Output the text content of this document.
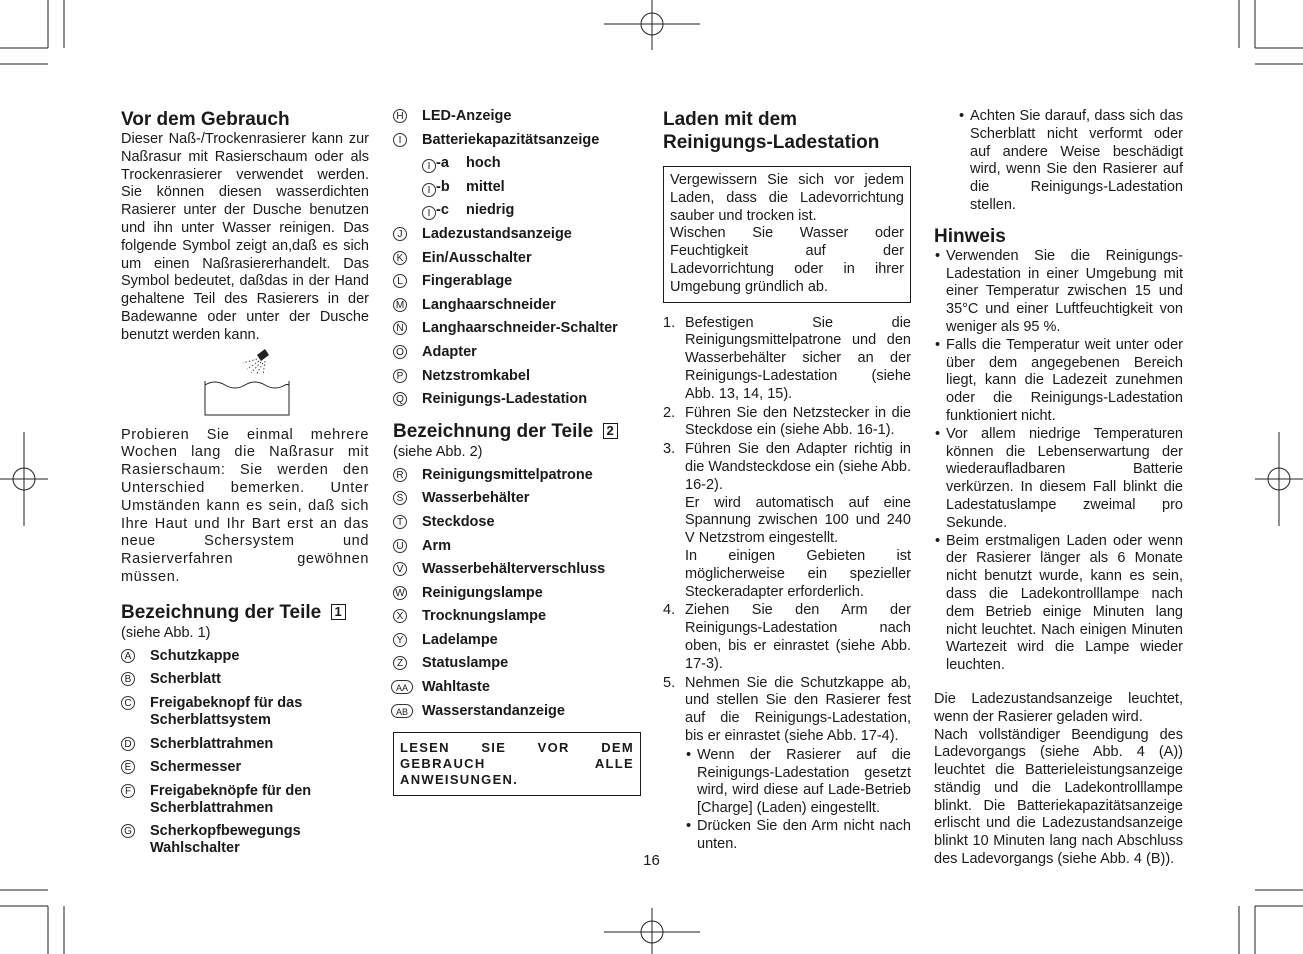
Vor dem Gebrauch

Dieser Naß-/Trockenrasierer kann zur Naßrasur mit Rasierschaum oder als Trockenrasierer verwendet werden. Sie können diesen wasserdichten Rasierer unter der Dusche benutzen und ihn unter Wasser reinigen. Das folgende Symbol zeigt an,daß es sich um einen Naßrasiererhandelt. Das Symbol bedeutet, daßdas in der Hand gehaltene Teil des Rasierers in der Badewanne oder unter der Dusche benutzt werden kann.

Probieren Sie einmal mehrere Wochen lang die Naßrasur mit Rasierschaum: Sie werden den Unterschied bemerken. Unter Umständen kann es sein, daß sich Ihre Haut und Ihr Bart erst an das neue Schersystem und Rasierverfahren gewöhnen müssen.

Bezeichnung der Teile 1

(siehe Abb. 1)

A Schutzkappe
B Scherblatt
C Freigabeknopf für das Scherblattsystem
D Scherblattrahmen
E Schermesser
F Freigabeknöpfe für den Scherblattrahmen
G Scherkopfbewegungs Wahlschalter
H LED-Anzeige
I	Batteriekapazitätsanzeige
I -a hoch
I -b mittel
I -c niedrig
J	Ladezustandsanzeige
K Ein/Ausschalter
L Fingerablage
M Langhaarschneider
N Langhaarschneider-Schalter
O Adapter
P Netzstromkabel
Q Reinigungs-Ladestation
Bezeichnung der Teile 2

(siehe Abb. 2)

R Reinigungsmittelpatrone
S Wasserbehälter
T Steckdose
U Arm
V Wasserbehälterverschluss
W Reinigungslampe
X Trocknungslampe
Y Ladelampe
Z Statuslampe
AA Wahltaste
AB Wasserstandanzeige
LESEN SIE VOR DEM GEBRAUCH ALLE ANWEISUNGEN.
Laden mit dem Reinigungs-Ladestation
Vergewissern Sie sich vor jedem Laden, dass die Ladevorrichtung sauber und trocken ist.
Wischen Sie Wasser oder Feuchtigkeit auf der Ladevorrichtung oder in ihrer Umgebung gründlich ab.
1. Befestigen Sie die Reinigungsmittelpatrone und den Wasserbehälter sicher an der Reinigungs-Ladestation (siehe Abb. 13, 14, 15).
2. Führen Sie den Netzstecker in die Steckdose ein (siehe Abb. 16-1).
3. Führen Sie den Adapter richtig in die Wandsteckdose ein (siehe Abb. 16-2).
Er wird automatisch auf eine Spannung zwischen 100 und 240 V Netzstrom eingestellt.
In einigen Gebieten ist möglicherweise ein spezieller Steckeradapter erforderlich.
4. Ziehen Sie den Arm der Reinigungs-Ladestation nach oben, bis er einrastet (siehe Abb. 17-3).
5. Nehmen Sie die Schutzkappe ab, und stellen Sie den Rasierer fest auf die Reinigungs-Ladestation, bis er einrastet (siehe Abb. 17-4).
• Wenn der Rasierer auf die Reinigungs-Ladestation gesetzt wird, wird diese auf Lade-Betrieb [Charge] (Laden) eingestellt.
• Drücken Sie den Arm nicht nach unten.
• Achten Sie darauf, dass sich das Scherblatt nicht verformt oder auf andere Weise beschädigt wird, wenn Sie den Rasierer auf die Reinigungs-Ladestation stellen.
Hinweis
• Verwenden Sie die Reinigungs-Ladestation in einer Umgebung mit einer Temperatur zwischen 15 und 35°C und einer Luftfeuchtigkeit von weniger als 95 %.
• Falls die Temperatur weit unter oder über dem angegebenen Bereich liegt, kann die Ladezeit zunehmen oder die Reinigungs-Ladestation funktioniert nicht.
• Vor allem niedrige Temperaturen können die Lebenserwartung der wiederaufladbaren Batterie verkürzen. In diesem Fall blinkt die Ladestatuslampe zweimal pro Sekunde.
• Beim erstmaligen Laden oder wenn der Rasierer länger als 6 Monate nicht benutzt wurde, kann es sein, dass die Ladekontrolllampe nach dem Betrieb einige Minuten lang nicht leuchtet. Nach einigen Minuten Wartezeit wird die Lampe wieder leuchten.

Die Ladezustandsanzeige leuchtet, wenn der Rasierer geladen wird.

Nach vollständiger Beendigung des Ladevorgangs (siehe Abb. 4 (A)) leuchtet die Batterieleistungsanzeige ständig und die Ladekontrolllampe blinkt. Die Batteriekapazitätsanzeige erlischt und die Ladezustandsanzeige blinkt 10 Minuten lang nach Abschluss des Ladevorgangs (siehe Abb. 4 (B)).

16
